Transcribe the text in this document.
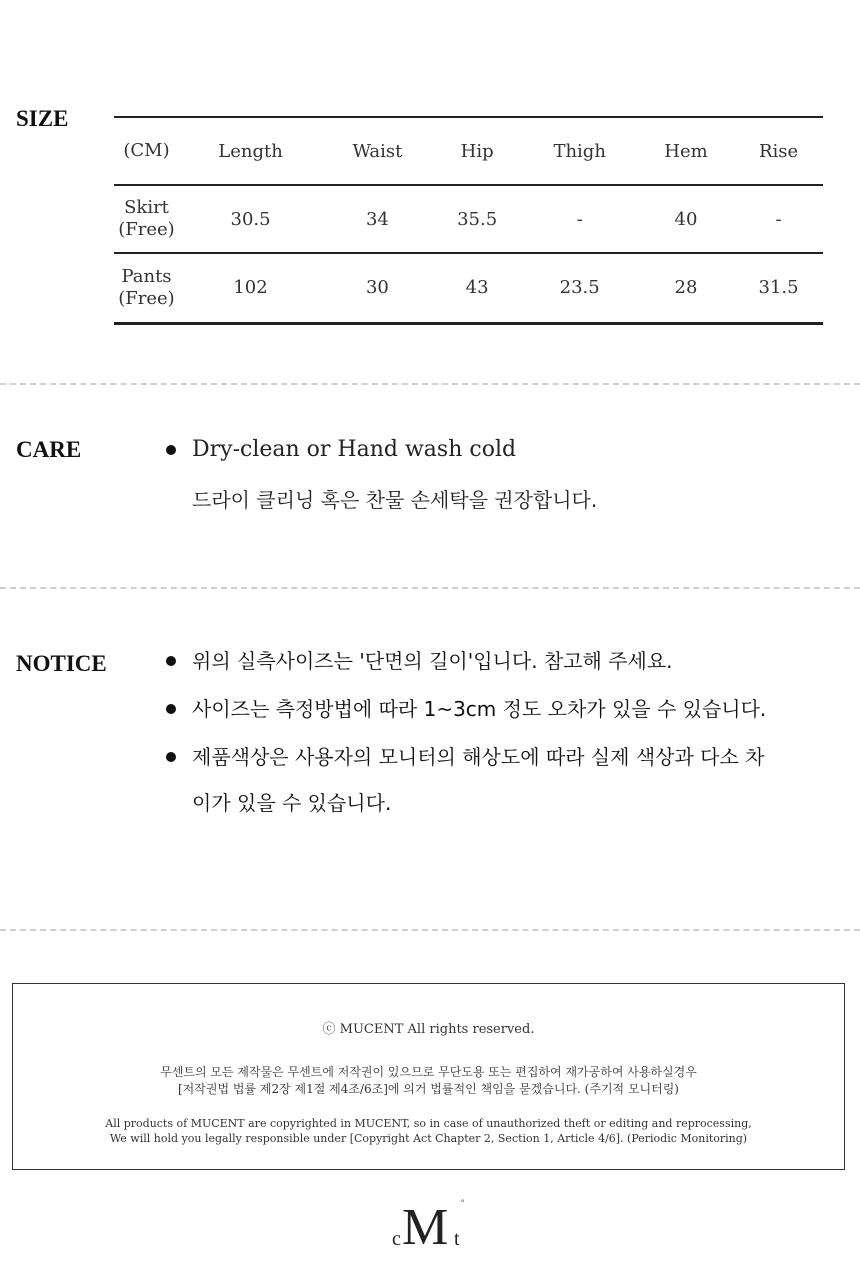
SIZE
(CM)	Length	Waist	Hip	Thigh	Hem	Rise
Skirt
(Free)	30.5	34	35.5	-	40	-
Pants
(Free)	102	30	43	23.5	28	31.5
CARE	Dry-clean or Hand wash cold
드라이 클리닝 혹은 찬물 손세탁을 권장합니다.
NOTICE	위의 실측사이즈는 '단면의 길이'입니다. 참고해 주세요.
사이즈는 측정방법에 따라 1~3cm 정도 오차가 있을 수 있습니다.
제품색상은 사용자의 모니터의 해상도에 따라 실제 색상과 다소 차이가 있을 수 있습니다.
ⓒ MUCENT All rights reserved.
무센트의 모든 제작물은 무센트에 저작권이 있으므로 무단도용 또는 편집하여 재가공하여 사용하실경우
[저작권법 법률 제2장 제1절 제4조/6조]에 의거 법률적인 책임을 묻겠습니다. (주기적 모니터링)
All products of MUCENT are copyrighted in MUCENT, so in case of unauthorized theft or editing and reprocessing,
We will hold you legally responsible under [Copyright Act Chapter 2, Section 1, Article 4/6]. (Periodic Monitoring)
c M t
°
